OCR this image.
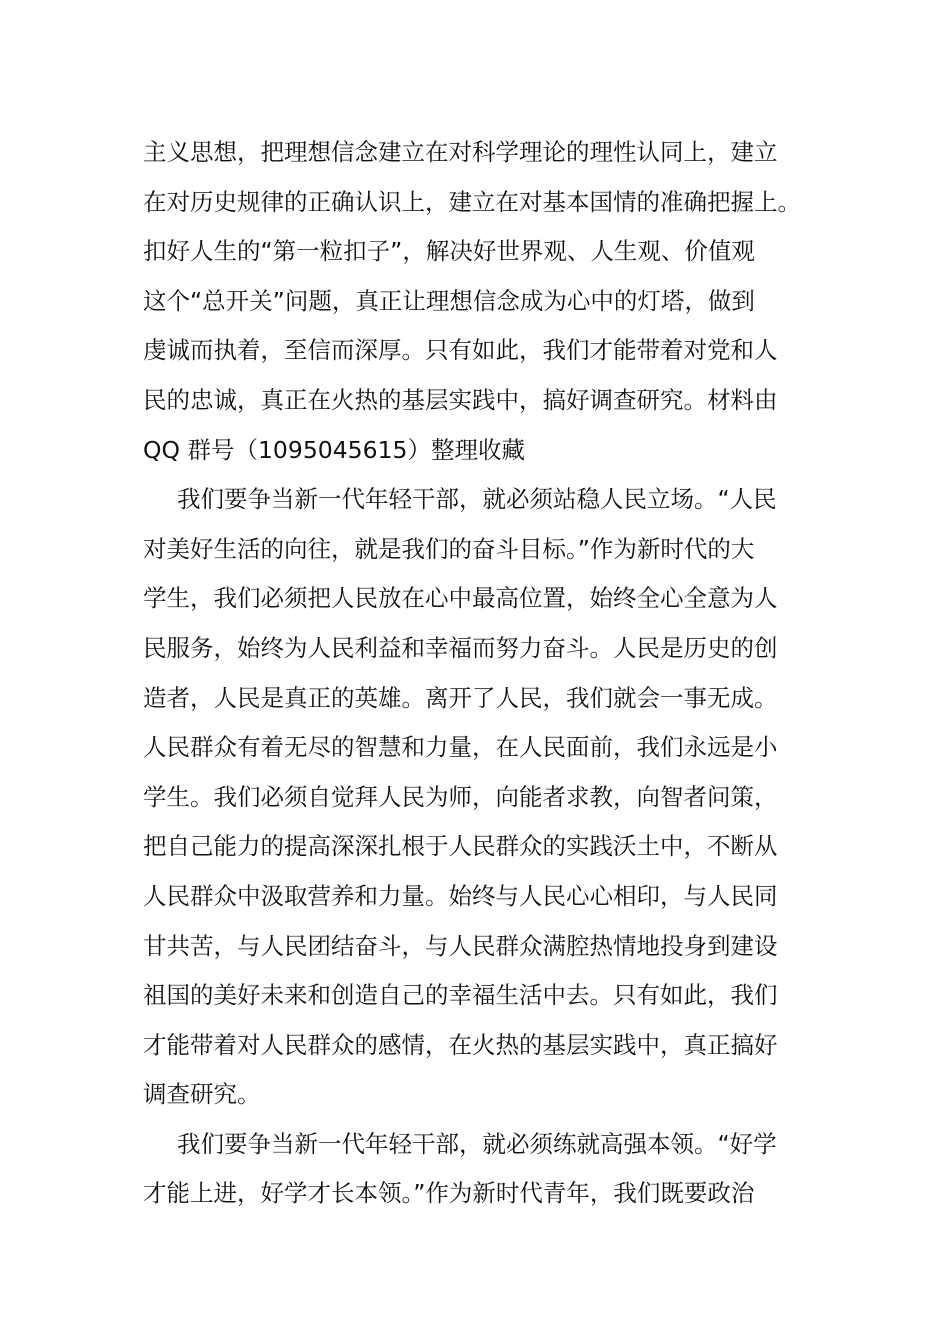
主义思想，把理想信念建立在对科学理论的理性认同上，建立
在对历史规律的正确认识上，建立在对基本国情的准确把握上。
扣好人生的“第一粒扣子”，解决好世界观、人生观、价值观
这个“总开关”问题，真正让理想信念成为心中的灯塔，做到
虔诚而执着，至信而深厚。只有如此，我们才能带着对党和人
民的忠诚，真正在火热的基层实践中，搞好调查研究。材料由
QQ 群号（1095045615）整理收藏
我们要争当新一代年轻干部，就必须站稳人民立场。“人民
对美好生活的向往，就是我们的奋斗目标。”作为新时代的大
学生，我们必须把人民放在心中最高位置，始终全心全意为人
民服务，始终为人民利益和幸福而努力奋斗。人民是历史的创
造者，人民是真正的英雄。离开了人民，我们就会一事无成。
人民群众有着无尽的智慧和力量，在人民面前，我们永远是小
学生。我们必须自觉拜人民为师，向能者求教，向智者问策，
把自己能力的提高深深扎根于人民群众的实践沃土中，不断从
人民群众中汲取营养和力量。始终与人民心心相印，与人民同
甘共苦，与人民团结奋斗，与人民群众满腔热情地投身到建设
祖国的美好未来和创造自己的幸福生活中去。只有如此，我们
才能带着对人民群众的感情，在火热的基层实践中，真正搞好
调查研究。
我们要争当新一代年轻干部，就必须练就高强本领。“好学
才能上进，好学才长本领。”作为新时代青年，我们既要政治
